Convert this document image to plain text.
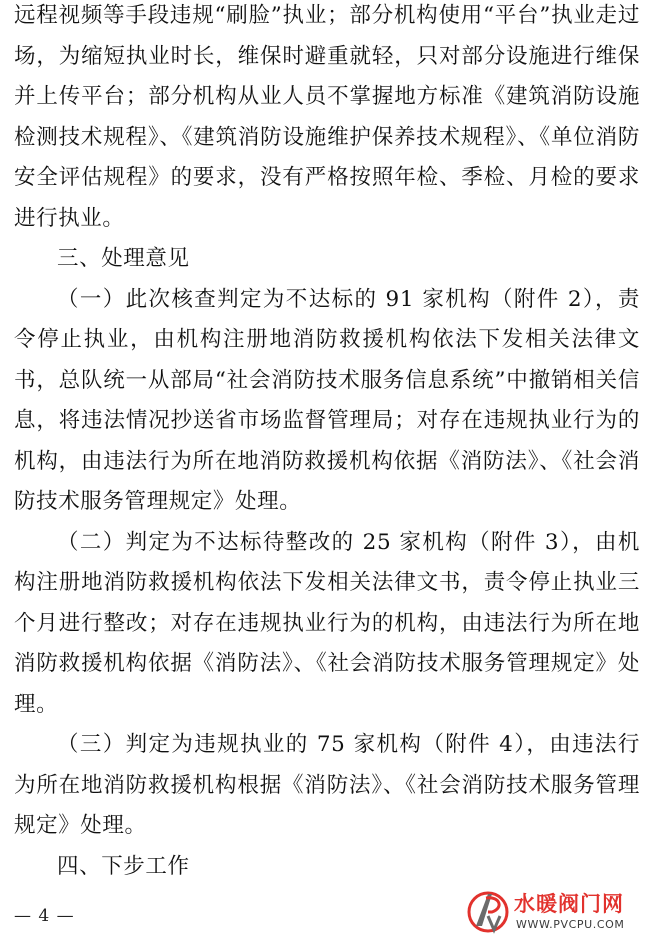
远程视频等手段违规“刷脸”执业；部分机构使用“平台”执业走过场，为缩短执业时长，维保时避重就轻，只对部分设施进行维保并上传平台；部分机构从业人员不掌握地方标准《建筑消防设施检测技术规程》、《建筑消防设施维护保养技术规程》、《单位消防安全评估规程》的要求，没有严格按照年检、季检、月检的要求进行执业。

三、处理意见

（一）此次核查判定为不达标的 91 家机构（附件 2），责令停止执业，由机构注册地消防救援机构依法下发相关法律文书，总队统一从部局“社会消防技术服务信息系统”中撤销相关信息，将违法情况抄送省市场监督管理局；对存在违规执业行为的机构，由违法行为所在地消防救援机构依据《消防法》、《社会消防技术服务管理规定》处理。

（二）判定为不达标待整改的 25 家机构（附件 3），由机构注册地消防救援机构依法下发相关法律文书，责令停止执业三个月进行整改；对存在违规执业行为的机构，由违法行为所在地消防救援机构依据《消防法》、《社会消防技术服务管理规定》处理。

（三）判定为违规执业的 75 家机构（附件 4），由违法行为所在地消防救援机构根据《消防法》、《社会消防技术服务管理规定》处理。

四、下步工作

— 4 —	水暖阀门网
WWW.PVCPU.COM
